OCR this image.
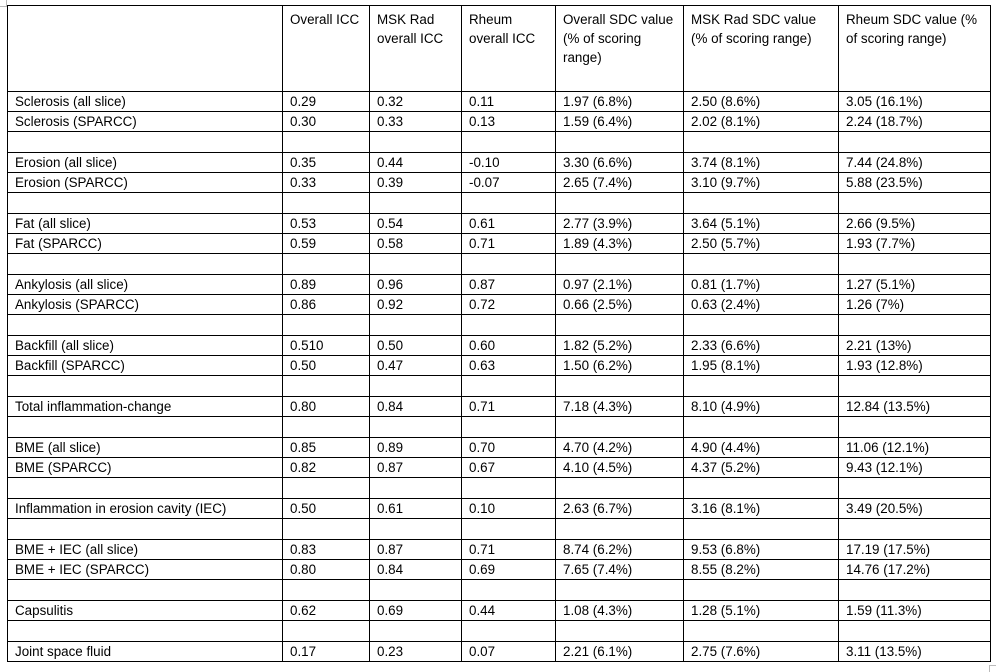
	Overall ICC	MSK Rad overall ICC	Rheum overall ICC	Overall SDC value (% of scoring range)	MSK Rad SDC value (% of scoring range)	Rheum SDC value (% of scoring range)
Sclerosis (all slice)	0.29	0.32	0.11	1.97 (6.8%)	2.50 (8.6%)	3.05 (16.1%)
Sclerosis (SPARCC)	0.30	0.33	0.13	1.59 (6.4%)	2.02 (8.1%)	2.24 (18.7%)

Erosion (all slice)	0.35	0.44	-0.10	3.30 (6.6%)	3.74 (8.1%)	7.44 (24.8%)
Erosion (SPARCC)	0.33	0.39	-0.07	2.65 (7.4%)	3.10 (9.7%)	5.88 (23.5%)

Fat (all slice)	0.53	0.54	0.61	2.77 (3.9%)	3.64 (5.1%)	2.66 (9.5%)
Fat (SPARCC)	0.59	0.58	0.71	1.89 (4.3%)	2.50 (5.7%)	1.93 (7.7%)

Ankylosis (all slice)	0.89	0.96	0.87	0.97 (2.1%)	0.81 (1.7%)	1.27 (5.1%)
Ankylosis (SPARCC)	0.86	0.92	0.72	0.66 (2.5%)	0.63 (2.4%)	1.26 (7%)

Backfill (all slice)	0.510	0.50	0.60	1.82 (5.2%)	2.33 (6.6%)	2.21 (13%)
Backfill (SPARCC)	0.50	0.47	0.63	1.50 (6.2%)	1.95 (8.1%)	1.93 (12.8%)

Total inflammation-change	0.80	0.84	0.71	7.18 (4.3%)	8.10 (4.9%)	12.84 (13.5%)

BME (all slice)	0.85	0.89	0.70	4.70 (4.2%)	4.90 (4.4%)	11.06 (12.1%)
BME (SPARCC)	0.82	0.87	0.67	4.10 (4.5%)	4.37 (5.2%)	9.43 (12.1%)

Inflammation in erosion cavity (IEC)	0.50	0.61	0.10	2.63 (6.7%)	3.16 (8.1%)	3.49 (20.5%)

BME + IEC (all slice)	0.83	0.87	0.71	8.74 (6.2%)	9.53 (6.8%)	17.19 (17.5%)
BME + IEC (SPARCC)	0.80	0.84	0.69	7.65 (7.4%)	8.55 (8.2%)	14.76 (17.2%)

Capsulitis	0.62	0.69	0.44	1.08 (4.3%)	1.28 (5.1%)	1.59 (11.3%)

Joint space fluid	0.17	0.23	0.07	2.21 (6.1%)	2.75 (7.6%)	3.11 (13.5%)
